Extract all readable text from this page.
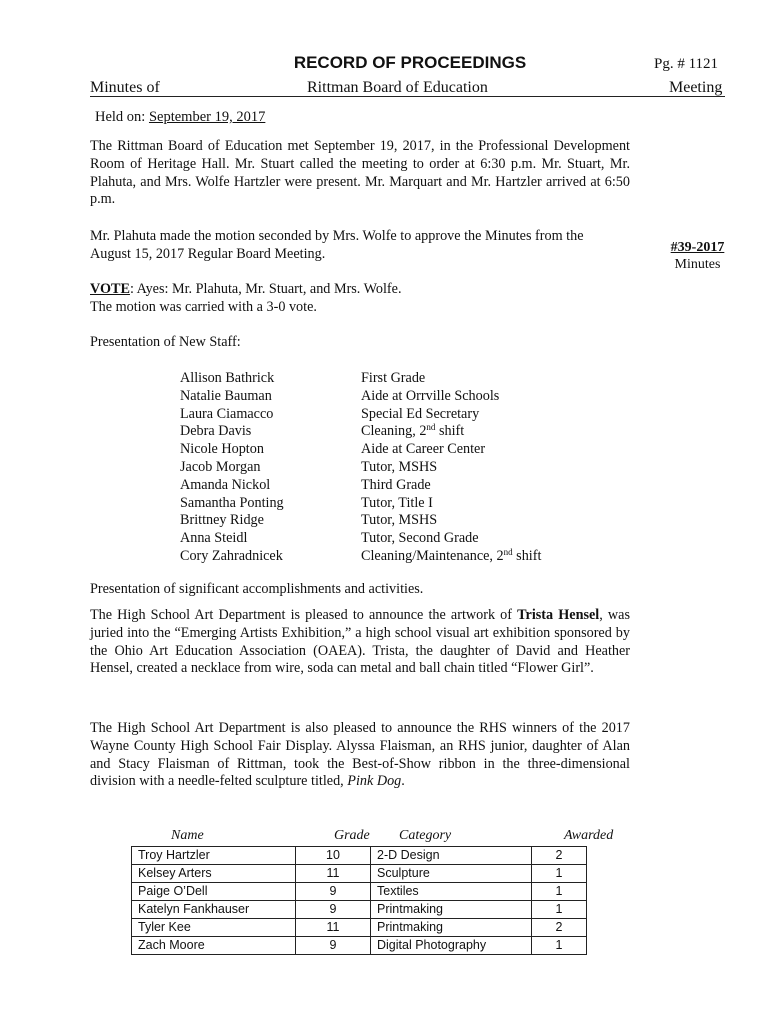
RECORD OF PROCEEDINGS	Pg. # 1121
Minutes of	Rittman Board of Education	Meeting
Held on: September 19, 2017
The Rittman Board of Education met September 19, 2017, in the Professional Development Room of Heritage Hall. Mr. Stuart called the meeting to order at 6:30 p.m. Mr. Stuart, Mr. Plahuta, and Mrs. Wolfe Hartzler were present. Mr. Marquart and Mr. Hartzler arrived at 6:50 p.m.
Mr. Plahuta made the motion seconded by Mrs. Wolfe to approve the Minutes from the August 15, 2017 Regular Board Meeting.	#39-2017
Minutes
VOTE: Ayes: Mr. Plahuta, Mr. Stuart, and Mrs. Wolfe.
The motion was carried with a 3-0 vote.
Presentation of New Staff:
Allison Bathrick	First Grade
Natalie Bauman	Aide at Orrville Schools
Laura Ciamacco	Special Ed Secretary
Debra Davis	Cleaning, 2nd shift
Nicole Hopton	Aide at Career Center
Jacob Morgan	Tutor, MSHS
Amanda Nickol	Third Grade
Samantha Ponting	Tutor, Title I
Brittney Ridge	Tutor, MSHS
Anna Steidl	Tutor, Second Grade
Cory Zahradnicek	Cleaning/Maintenance, 2nd shift
Presentation of significant accomplishments and activities.
The High School Art Department is pleased to announce the artwork of Trista Hensel, was juried into the “Emerging Artists Exhibition,” a high school visual art exhibition sponsored by the Ohio Art Education Association (OAEA). Trista, the daughter of David and Heather Hensel, created a necklace from wire, soda can metal and ball chain titled “Flower Girl”.
The High School Art Department is also pleased to announce the RHS winners of the 2017 Wayne County High School Fair Display. Alyssa Flaisman, an RHS junior, daughter of Alan and Stacy Flaisman of Rittman, took the Best-of-Show ribbon in the three-dimensional division with a needle-felted sculpture titled, Pink Dog.
Name	Grade Category	Awarded
Troy Hartzler	10	2-D Design	2
Kelsey Arters	11	Sculpture	1
Paige O’Dell	9	Textiles	1
Katelyn Fankhauser	9	Printmaking	1
Tyler Kee	11	Printmaking	2
Zach Moore	9	Digital Photography	1
